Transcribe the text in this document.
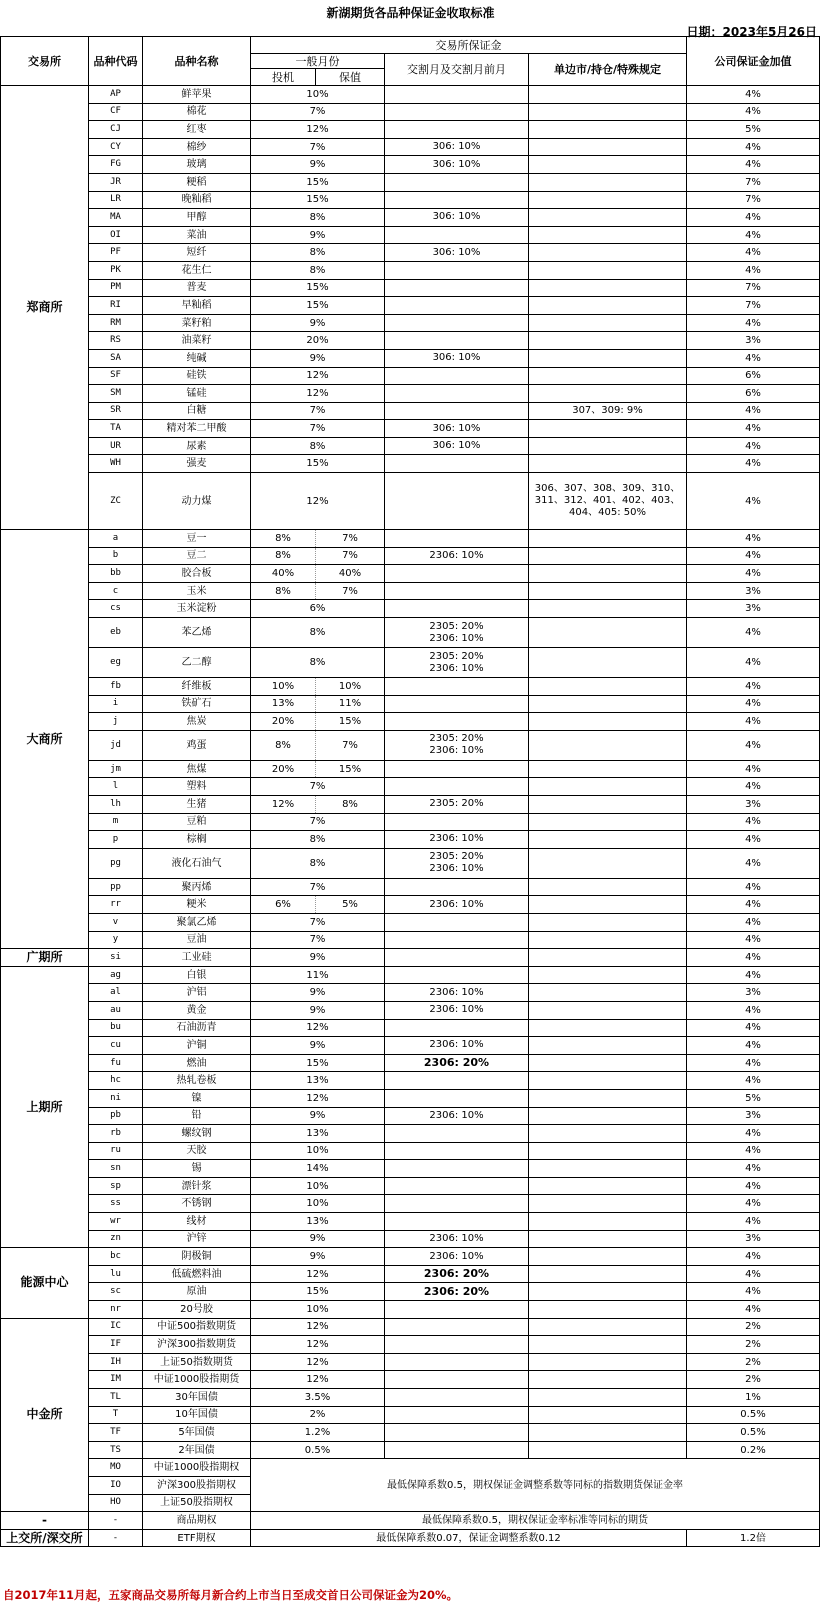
新湖期货各品种保证金收取标准
日期：2023年5月26日
交易所	品种代码	品种名称	交易所保证金				公司保证金加值
			一般月份		交割月及交割月前月	单边市/持仓/特殊规定	
			投机	保值			
郑商所	AP	鲜苹果	10%				4%
	CF	棉花	7%				4%
	CJ	红枣	12%				5%
	CY	棉纱	7%		306: 10%		4%
	FG	玻璃	9%		306: 10%		4%
	JR	粳稻	15%				7%
	LR	晚籼稻	15%				7%
	MA	甲醇	8%		306: 10%		4%
	OI	菜油	9%				4%
	PF	短纤	8%		306: 10%		4%
	PK	花生仁	8%				4%
	PM	普麦	15%				7%
	RI	早籼稻	15%				7%
	RM	菜籽粕	9%				4%
	RS	油菜籽	20%				3%
	SA	纯碱	9%		306: 10%		4%
	SF	硅铁	12%				6%
	SM	锰硅	12%				6%
	SR	白糖	7%			307、309: 9%	4%
	TA	精对苯二甲酸	7%		306: 10%		4%
	UR	尿素	8%		306: 10%		4%
	WH	强麦	15%				4%
	ZC	动力煤	12%			306、307、308、309、310、
311、312、401、402、403、
404、405: 50%	4%
大商所	a	豆一	8%	7%			4%
	b	豆二	8%	7%	2306: 10%		4%
	bb	胶合板	40%	40%			4%
	c	玉米	8%	7%			3%
	cs	玉米淀粉	6%				3%
	eb	苯乙烯	8%		2305: 20%
2306: 10%		4%
	eg	乙二醇	8%		2305: 20%
2306: 10%		4%
	fb	纤维板	10%	10%			4%
	i	铁矿石	13%	11%			4%
	j	焦炭	20%	15%			4%
	jd	鸡蛋	8%	7%	2305: 20%
2306: 10%		4%
	jm	焦煤	20%	15%			4%
	l	塑料	7%				4%
	lh	生猪	12%	8%	2305: 20%		3%
	m	豆粕	7%				4%
	p	棕榈	8%		2306: 10%		4%
	pg	液化石油气	8%		2305: 20%
2306: 10%		4%
	pp	聚丙烯	7%				4%
	rr	粳米	6%	5%	2306: 10%		4%
	v	聚氯乙烯	7%				4%
	y	豆油	7%				4%
广期所	si	工业硅	9%				4%
上期所	ag	白银	11%				4%
	al	沪铝	9%		2306: 10%		3%
	au	黄金	9%		2306: 10%		4%
	bu	石油沥青	12%				4%
	cu	沪铜	9%		2306: 10%		4%
	fu	燃油	15%		2306: 20%		4%
	hc	热轧卷板	13%				4%
	ni	镍	12%				5%
	pb	铅	9%		2306: 10%		3%
	rb	螺纹钢	13%				4%
	ru	天胶	10%				4%
	sn	锡	14%				4%
	sp	漂针浆	10%				4%
	ss	不锈钢	10%				4%
	wr	线材	13%				4%
	zn	沪锌	9%		2306: 10%		3%
能源中心	bc	阴极铜	9%		2306: 10%		4%
	lu	低硫燃料油	12%		2306: 20%		4%
	sc	原油	15%		2306: 20%		4%
	nr	20号胶	10%				4%
中金所	IC	中证500指数期货	12%				2%
	IF	沪深300指数期货	12%				2%
	IH	上证50指数期货	12%				2%
	IM	中证1000股指期货	12%				2%
	TL	30年国债	3.5%				1%
	T	10年国债	2%				0.5%
	TF	5年国债	1.2%				0.5%
	TS	2年国债	0.5%				0.2%
	MO	中证1000股指期权	最低保障系数0.5，期权保证金调整系数等同标的指数期货保证金率				
	IO	沪深300股指期权					
	HO	上证50股指期权					
-	-	商品期权	最低保障系数0.5，期权保证金率标准等同标的期货				
上交所/深交所	-	ETF期权	最低保障系数0.07，保证金调整系数0.12				1.2倍
自2017年11月起，五家商品交易所每月新合约上市当日至成交首日公司保证金为20%。
